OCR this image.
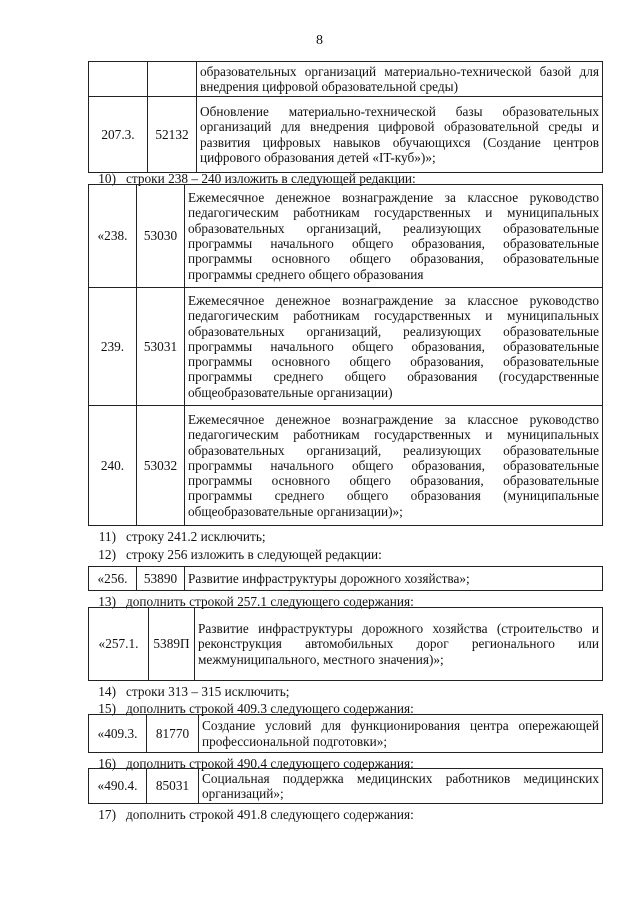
8
		образовательных организаций материально-технической базой для внедрения цифровой образовательной среды)
207.3.	52132	Обновление материально-технической базы образовательных организаций для внедрения цифровой образовательной среды и развития цифровых навыков обучающихся (Создание центров цифрового образования детей «IT-куб»)»;
10) строки 238 – 240 изложить в следующей редакции:
«238.	53030	Ежемесячное денежное вознаграждение за классное руководство педагогическим работникам государственных и муниципальных образовательных организаций, реализующих образовательные программы начального общего образования, образовательные программы основного общего образования, образовательные программы среднего общего образования
239.	53031	Ежемесячное денежное вознаграждение за классное руководство педагогическим работникам государственных и муниципальных образовательных организаций, реализующих образовательные программы начального общего образования, образовательные программы основного общего образования, образовательные программы среднего общего образования (государственные общеобразовательные организации)
240.	53032	Ежемесячное денежное вознаграждение за классное руководство педагогическим работникам государственных и муниципальных образовательных организаций, реализующих образовательные программы начального общего образования, образовательные программы основного общего образования, образовательные программы среднего общего образования (муниципальные общеобразовательные организации)»;
11) строку 241.2 исключить;
12) строку 256 изложить в следующей редакции:
«256.	53890	Развитие инфраструктуры дорожного хозяйства»;
13) дополнить строкой 257.1 следующего содержания:
«257.1.	5389П	Развитие инфраструктуры дорожного хозяйства (строительство и реконструкция автомобильных дорог регионального или межмуниципального, местного значения)»;
14) строки 313 – 315 исключить;
15) дополнить строкой 409.3 следующего содержания:
«409.3.	81770	Создание условий для функционирования центра опережающей профессиональной подготовки»;
16) дополнить строкой 490.4 следующего содержания:
«490.4.	85031	Социальная поддержка медицинских работников медицинских организаций»;
17) дополнить строкой 491.8 следующего содержания:
